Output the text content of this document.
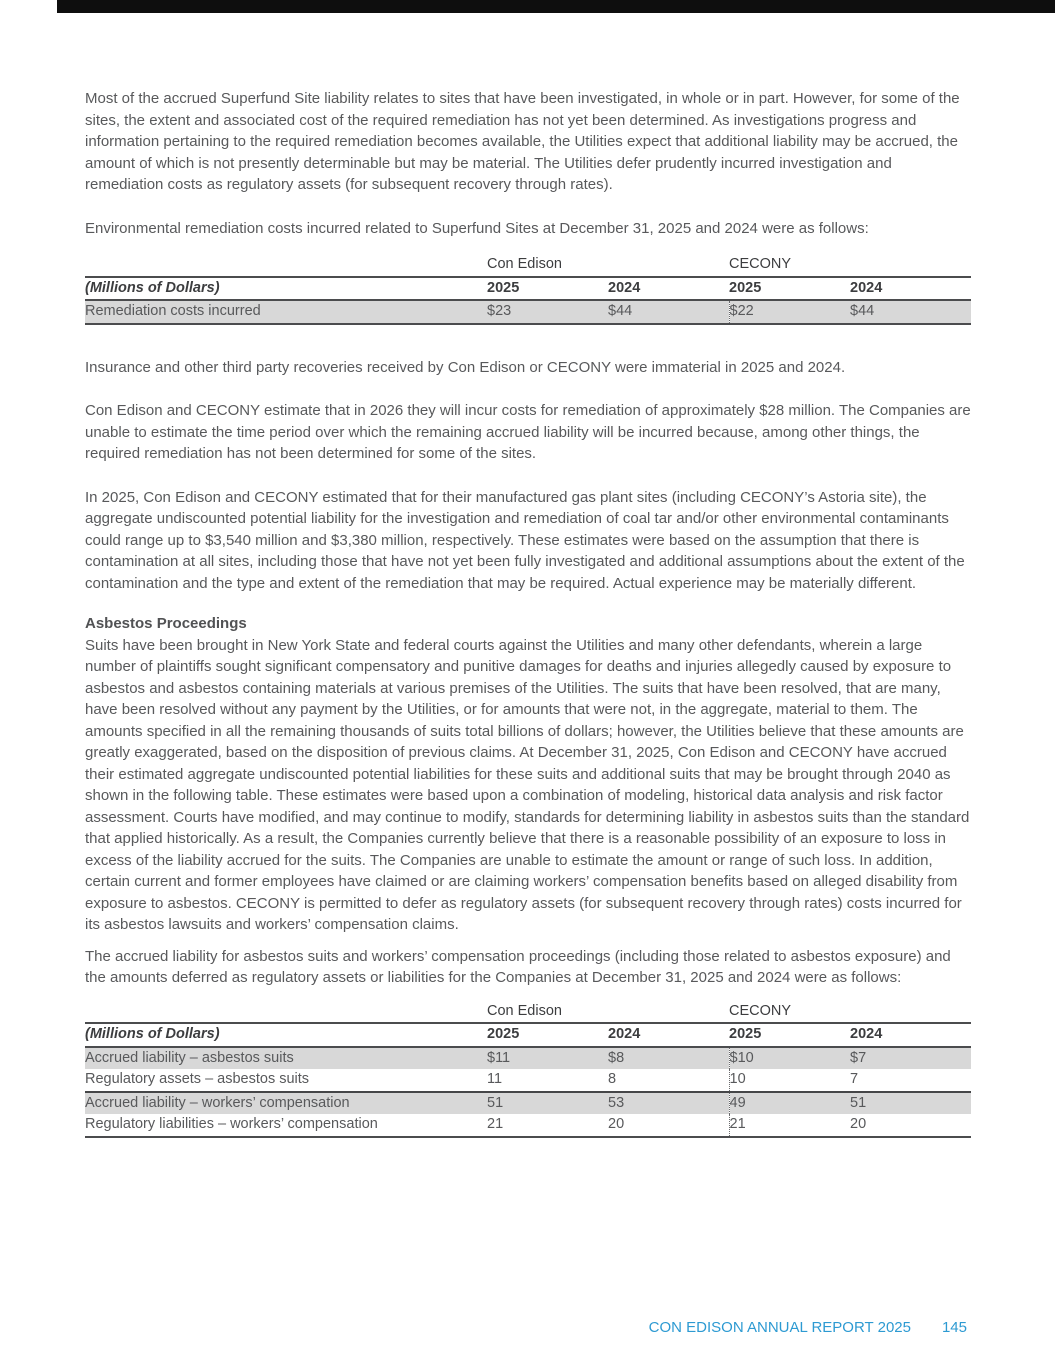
Most of the accrued Superfund Site liability relates to sites that have been investigated, in whole or in part. However, for some of the sites, the extent and associated cost of the required remediation has not yet been determined. As investigations progress and information pertaining to the required remediation becomes available, the Utilities expect that additional liability may be accrued, the amount of which is not presently determinable but may be material. The Utilities defer prudently incurred investigation and remediation costs as regulatory assets (for subsequent recovery through rates).

Environmental remediation costs incurred related to Superfund Sites at December 31, 2025 and 2024 were as follows:

	Con Edison		CECONY	
(Millions of Dollars)	2025	2024	2025	2024
Remediation costs incurred	$23	$44	$22	$44

Insurance and other third party recoveries received by Con Edison or CECONY were immaterial in 2025 and 2024.

Con Edison and CECONY estimate that in 2026 they will incur costs for remediation of approximately $28 million. The Companies are unable to estimate the time period over which the remaining accrued liability will be incurred because, among other things, the required remediation has not been determined for some of the sites.

In 2025, Con Edison and CECONY estimated that for their manufactured gas plant sites (including CECONY’s Astoria site), the aggregate undiscounted potential liability for the investigation and remediation of coal tar and/or other environmental contaminants could range up to $3,540 million and $3,380 million, respectively. These estimates were based on the assumption that there is contamination at all sites, including those that have not yet been fully investigated and additional assumptions about the extent of the contamination and the type and extent of the remediation that may be required. Actual experience may be materially different.

Asbestos Proceedings

Suits have been brought in New York State and federal courts against the Utilities and many other defendants, wherein a large number of plaintiffs sought significant compensatory and punitive damages for deaths and injuries allegedly caused by exposure to asbestos and asbestos containing materials at various premises of the Utilities. The suits that have been resolved, that are many, have been resolved without any payment by the Utilities, or for amounts that were not, in the aggregate, material to them. The amounts specified in all the remaining thousands of suits total billions of dollars; however, the Utilities believe that these amounts are greatly exaggerated, based on the disposition of previous claims. At December 31, 2025, Con Edison and CECONY have accrued their estimated aggregate undiscounted potential liabilities for these suits and additional suits that may be brought through 2040 as shown in the following table. These estimates were based upon a combination of modeling, historical data analysis and risk factor assessment. Courts have modified, and may continue to modify, standards for determining liability in asbestos suits than the standard that applied historically. As a result, the Companies currently believe that there is a reasonable possibility of an exposure to loss in excess of the liability accrued for the suits. The Companies are unable to estimate the amount or range of such loss. In addition, certain current and former employees have claimed or are claiming workers’ compensation benefits based on alleged disability from exposure to asbestos. CECONY is permitted to defer as regulatory assets (for subsequent recovery through rates) costs incurred for its asbestos lawsuits and workers’ compensation claims.

The accrued liability for asbestos suits and workers’ compensation proceedings (including those related to asbestos exposure) and the amounts deferred as regulatory assets or liabilities for the Companies at December 31, 2025 and 2024 were as follows:

	Con Edison		CECONY	
(Millions of Dollars)	2025	2024	2025	2024
Accrued liability – asbestos suits	$11	$8	$10	$7
Regulatory assets – asbestos suits	11	8	10	7
Accrued liability – workers’ compensation	51	53	49	51
Regulatory liabilities – workers’ compensation	21	20	21	20
CON EDISON ANNUAL REPORT 2025 145
